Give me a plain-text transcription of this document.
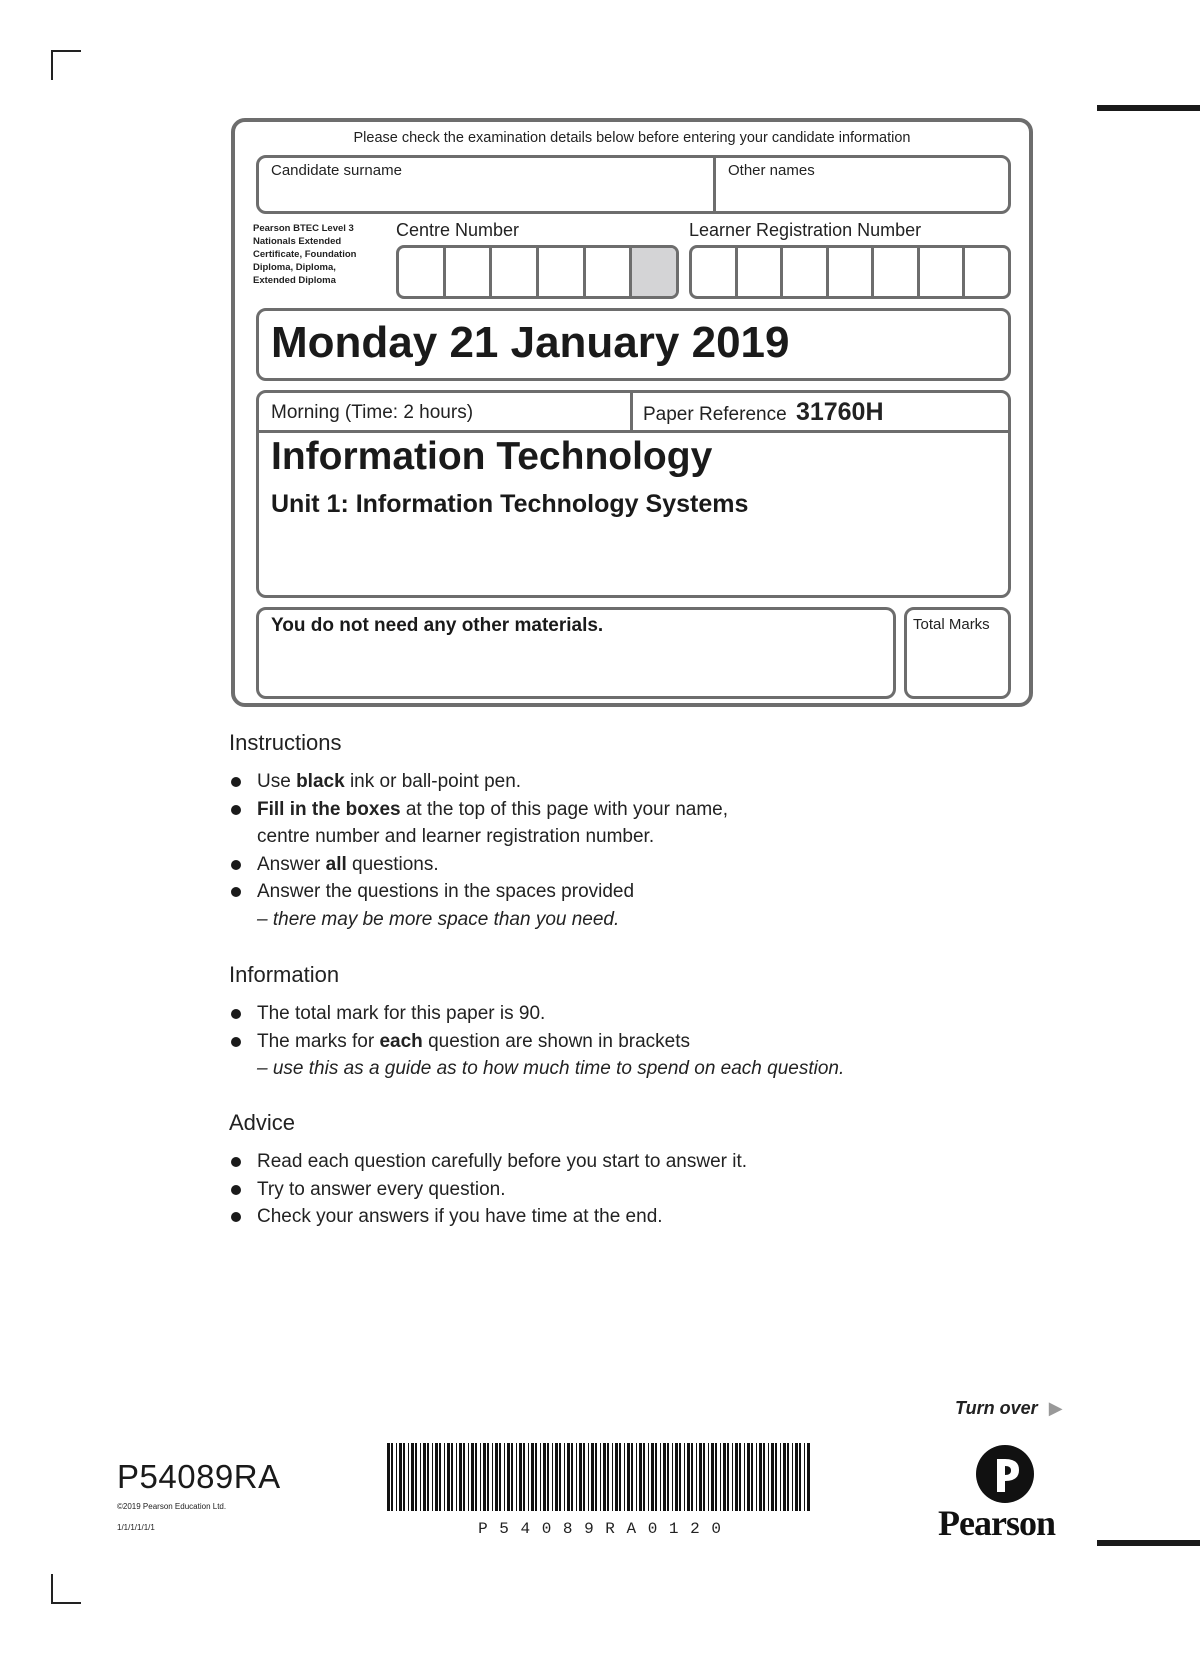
Please check the examination details below before entering your candidate information
Candidate surname	Other names
Pearson BTEC Level 3 Nationals Extended Certificate, Foundation Diploma, Diploma, Extended Diploma
Centre Number	Learner Registration Number
Monday 21 January 2019
Morning (Time: 2 hours)	Paper Reference 31760H
Information Technology
Unit 1: Information Technology Systems
You do not need any other materials.	Total Marks
Instructions
Use black ink or ball-point pen.
Fill in the boxes at the top of this page with your name,
centre number and learner registration number.
Answer all questions.
Answer the questions in the spaces provided
– there may be more space than you need.
Information
The total mark for this paper is 90.
The marks for each question are shown in brackets
– use this as a guide as to how much time to spend on each question.
Advice
Read each question carefully before you start to answer it.
Try to answer every question.
Check your answers if you have time at the end.
Turn over ▶
P54089RA
©2019 Pearson Education Ltd.
1/1/1/1/1/1	P 5 4 0 8 9 R A 0 1 2 0	Pearson
